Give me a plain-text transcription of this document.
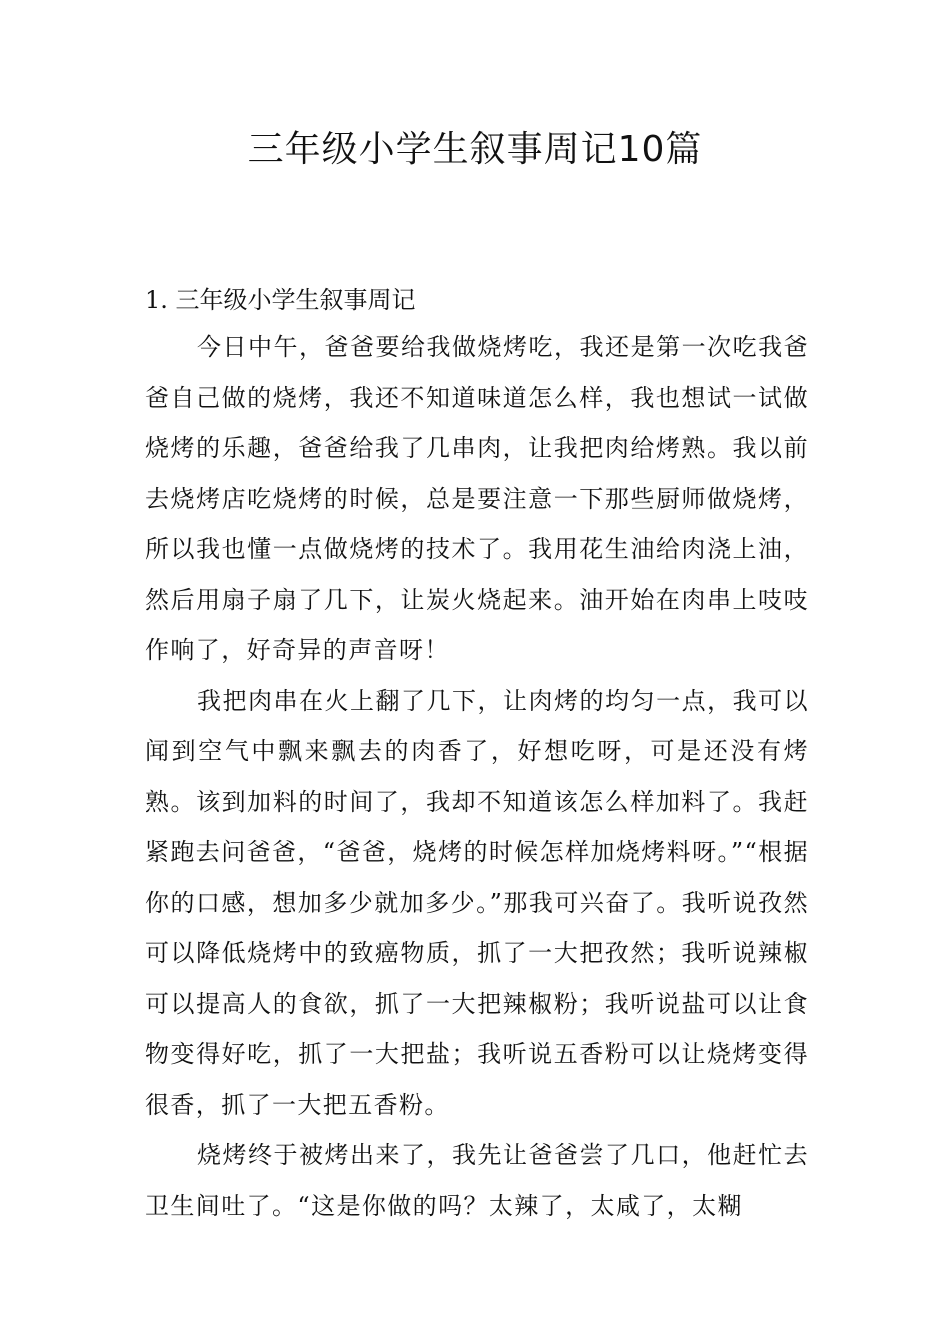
三年级小学生叙事周记10篇
1. 三年级小学生叙事周记

今日中午，爸爸要给我做烧烤吃，我还是第一次吃我爸爸自己做的烧烤，我还不知道味道怎么样，我也想试一试做烧烤的乐趣，爸爸给我了几串肉，让我把肉给烤熟。我以前去烧烤店吃烧烤的时候，总是要注意一下那些厨师做烧烤，所以我也懂一点做烧烤的技术了。我用花生油给肉浇上油，然后用扇子扇了几下，让炭火烧起来。油开始在肉串上吱吱作响了，好奇异的声音呀！

我把肉串在火上翻了几下，让肉烤的均匀一点，我可以闻到空气中飘来飘去的肉香了，好想吃呀，可是还没有烤熟。该到加料的时间了，我却不知道该怎么样加料了。我赶紧跑去问爸爸，“爸爸，烧烤的时候怎样加烧烤料呀。”“根据你的口感，想加多少就加多少。”那我可兴奋了。我听说孜然可以降低烧烤中的致癌物质，抓了一大把孜然；我听说辣椒可以提高人的食欲，抓了一大把辣椒粉；我听说盐可以让食物变得好吃，抓了一大把盐；我听说五香粉可以让烧烤变得很香，抓了一大把五香粉。

烧烤终于被烤出来了，我先让爸爸尝了几口，他赶忙去卫生间吐了。“这是你做的吗？太辣了，太咸了，太糊
